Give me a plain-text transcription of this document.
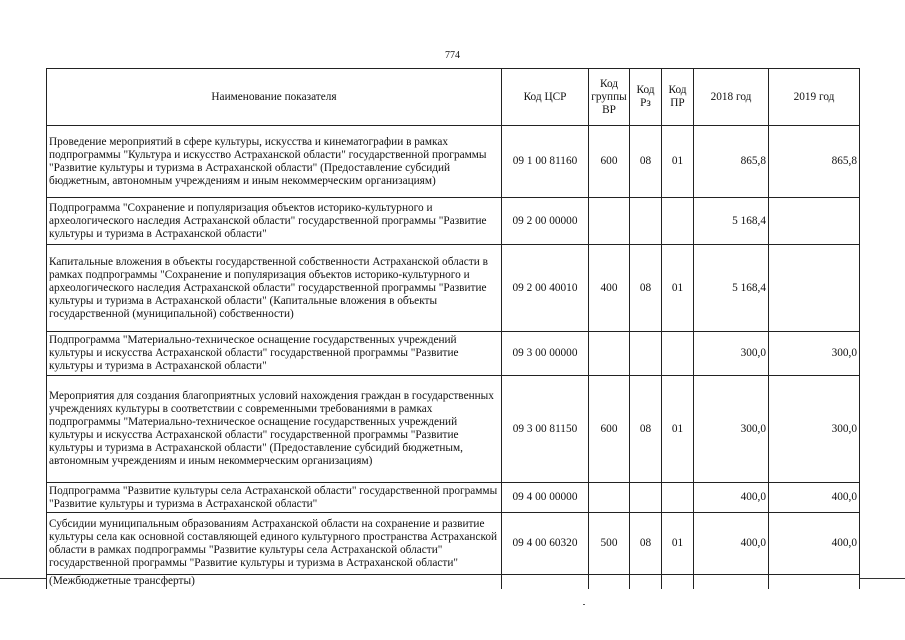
774
Наименование показателя	Код ЦСР	Код группы ВР	Код Рз	Код ПР	2018 год	2019 год
Проведение мероприятий в сфере культуры, искусства и кинематографии в рамках подпрограммы "Культура и искусство Астраханской области" государственной программы "Развитие культуры и туризма в Астраханской области" (Предоставление субсидий бюджетным, автономным учреждениям и иным некоммерческим организациям)	09 1 00 81160	600	08	01	865,8	865,8
Подпрограмма "Сохранение и популяризация объектов историко-культурного и археологического наследия Астраханской области" государственной программы "Развитие культуры и туризма в Астраханской области"	09 2 00 00000				5 168,4	
Капитальные вложения в объекты государственной собственности Астраханской области в рамках подпрограммы "Сохранение и популяризация объектов историко-культурного и археологического наследия Астраханской области" государственной программы "Развитие культуры и туризма в Астраханской области" (Капитальные вложения в объекты государственной (муниципальной) собственности)	09 2 00 40010	400	08	01	5 168,4	
Подпрограмма "Материально-техническое оснащение государственных учреждений культуры и искусства Астраханской области" государственной программы "Развитие культуры и туризма в Астраханской области"	09 3 00 00000				300,0	300,0
Мероприятия для создания благоприятных условий нахождения граждан в государственных учреждениях культуры в соответствии с современными требованиями в рамках подпрограммы "Материально-техническое оснащение государственных учреждений культуры и искусства Астраханской области" государственной программы "Развитие культуры и туризма в Астраханской области" (Предоставление субсидий бюджетным, автономным учреждениям и иным некоммерческим организациям)	09 3 00 81150	600	08	01	300,0	300,0
Подпрограмма "Развитие культуры села Астраханской области" государственной программы "Развитие культуры и туризма в Астраханской области"	09 4 00 00000				400,0	400,0
Субсидии муниципальным образованиям Астраханской области на сохранение и развитие культуры села как основной составляющей единого культурного пространства Астраханской области в рамках подпрограммы "Развитие культуры села Астраханской области" государственной программы "Развитие культуры и туризма в Астраханской области"	09 4 00 60320	500	08	01	400,0	400,0
(Межбюджетные трансферты)						
